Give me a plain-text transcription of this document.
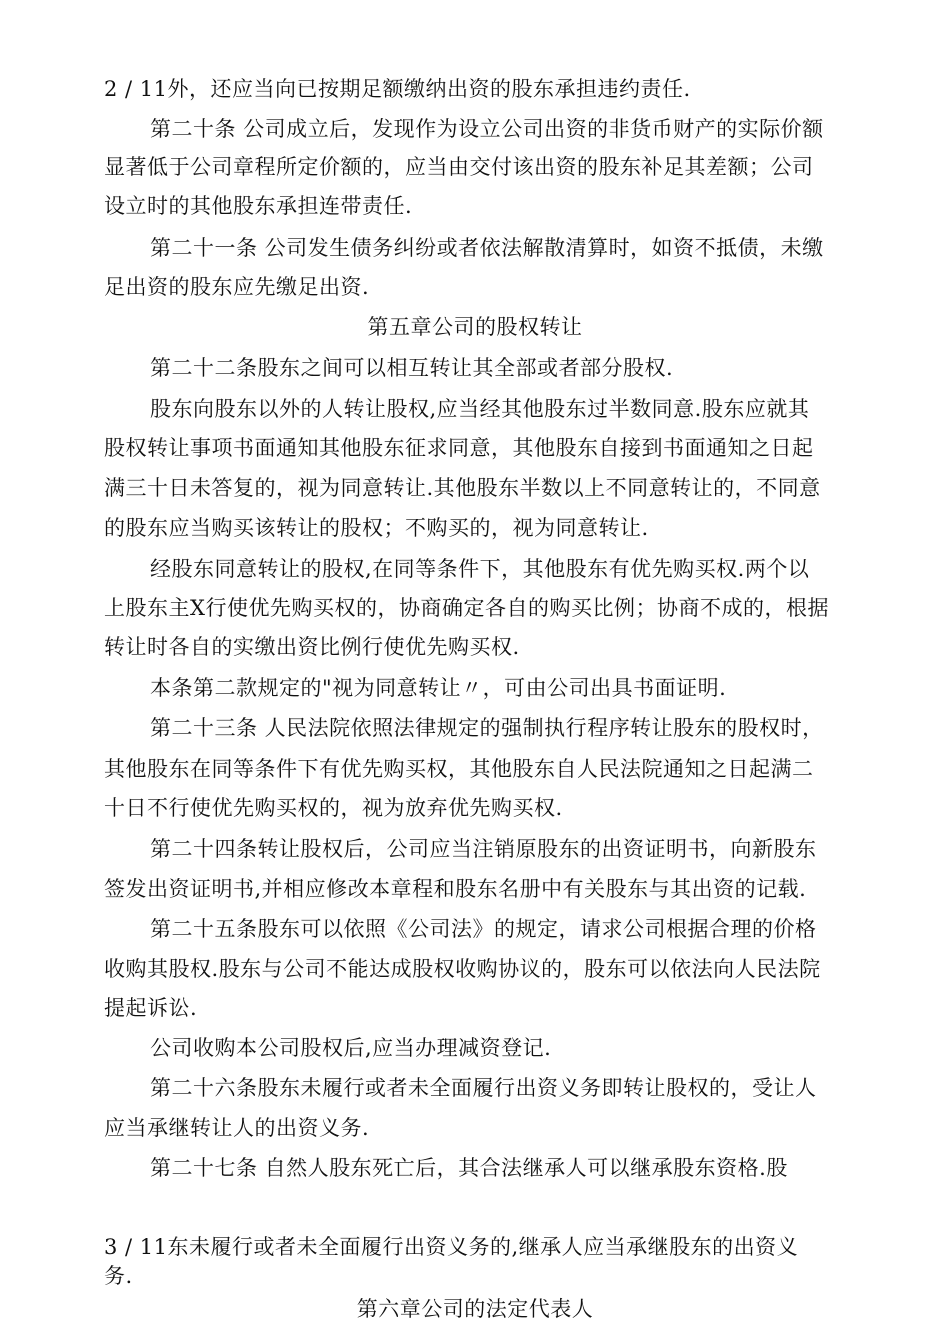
2 / 11外，还应当向已按期足额缴纳出资的股东承担违约责任.
第二十条 公司成立后，发现作为设立公司出资的非货币财产的实际价额
显著低于公司章程所定价额的，应当由交付该出资的股东补足其差额；公司
设立时的其他股东承担连带责任.
第二十一条 公司发生债务纠纷或者依法解散清算时，如资不抵债，未缴
足出资的股东应先缴足出资.
第五章公司的股权转让
第二十二条股东之间可以相互转让其全部或者部分股权.
股东向股东以外的人转让股权,应当经其他股东过半数同意.股东应就其
股权转让事项书面通知其他股东征求同意，其他股东自接到书面通知之日起
满三十日未答复的，视为同意转让.其他股东半数以上不同意转让的，不同意
的股东应当购买该转让的股权；不购买的，视为同意转让.
经股东同意转让的股权,在同等条件下，其他股东有优先购买权.两个以
上股东主X行使优先购买权的，协商确定各自的购买比例；协商不成的，根据
转让时各自的实缴出资比例行使优先购买权.
本条第二款规定的"视为同意转让〃，可由公司出具书面证明.
第二十三条 人民法院依照法律规定的强制执行程序转让股东的股权时，
其他股东在同等条件下有优先购买权，其他股东自人民法院通知之日起满二
十日不行使优先购买权的，视为放弃优先购买权.
第二十四条转让股权后，公司应当注销原股东的出资证明书，向新股东
签发出资证明书,并相应修改本章程和股东名册中有关股东与其出资的记载.
第二十五条股东可以依照《公司法》的规定，请求公司根据合理的价格
收购其股权.股东与公司不能达成股权收购协议的，股东可以依法向人民法院
提起诉讼.
公司收购本公司股权后,应当办理减资登记.
第二十六条股东未履行或者未全面履行出资义务即转让股权的，受让人
应当承继转让人的出资义务.
第二十七条 自然人股东死亡后，其合法继承人可以继承股东资格.股
3 / 11东未履行或者未全面履行出资义务的,继承人应当承继股东的出资义
务.
第六章公司的法定代表人
